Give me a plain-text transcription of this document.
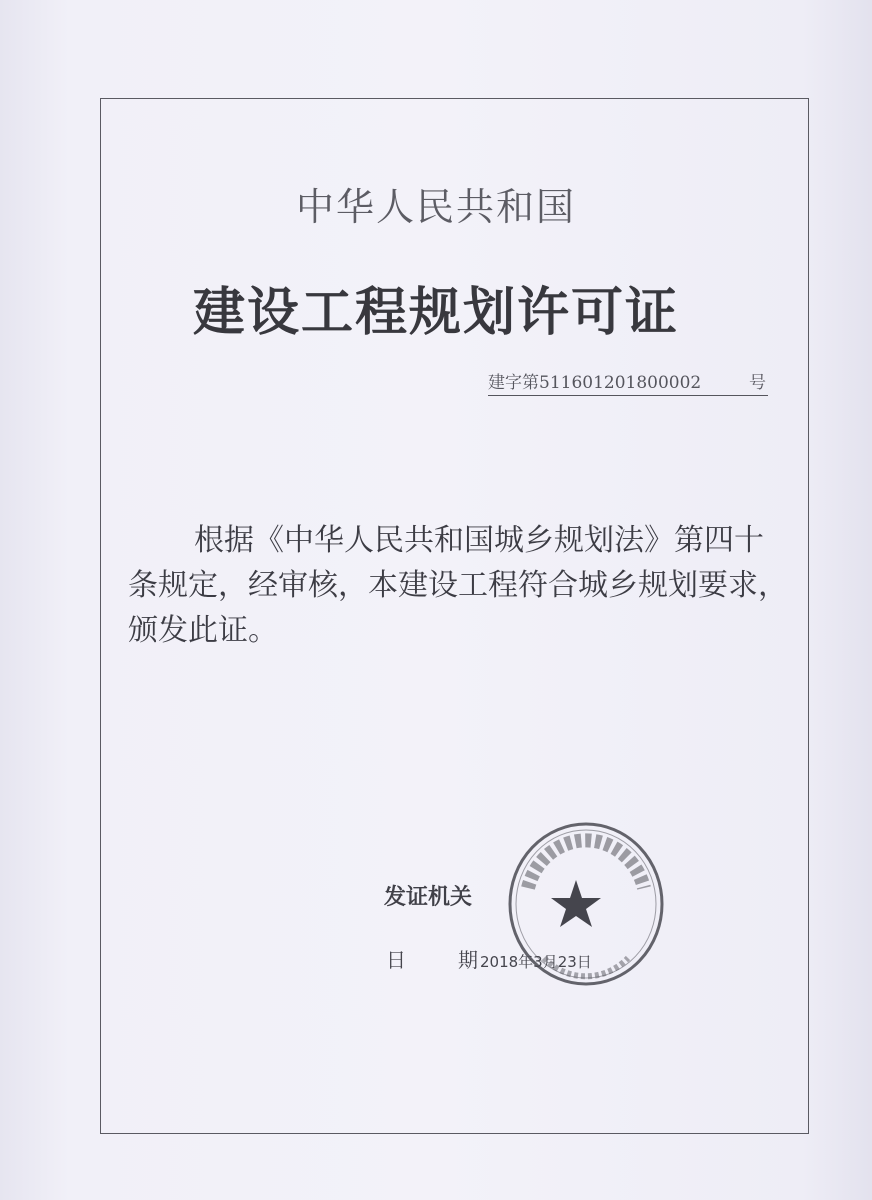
中华人民共和国
建设工程规划许可证
建字第511601201800002	号
根据《中华人民共和国城乡规划法》第四十条规定，经审核，本建设工程符合城乡规划要求，颁发此证。
发证机关
日	期 2018年3月23日
